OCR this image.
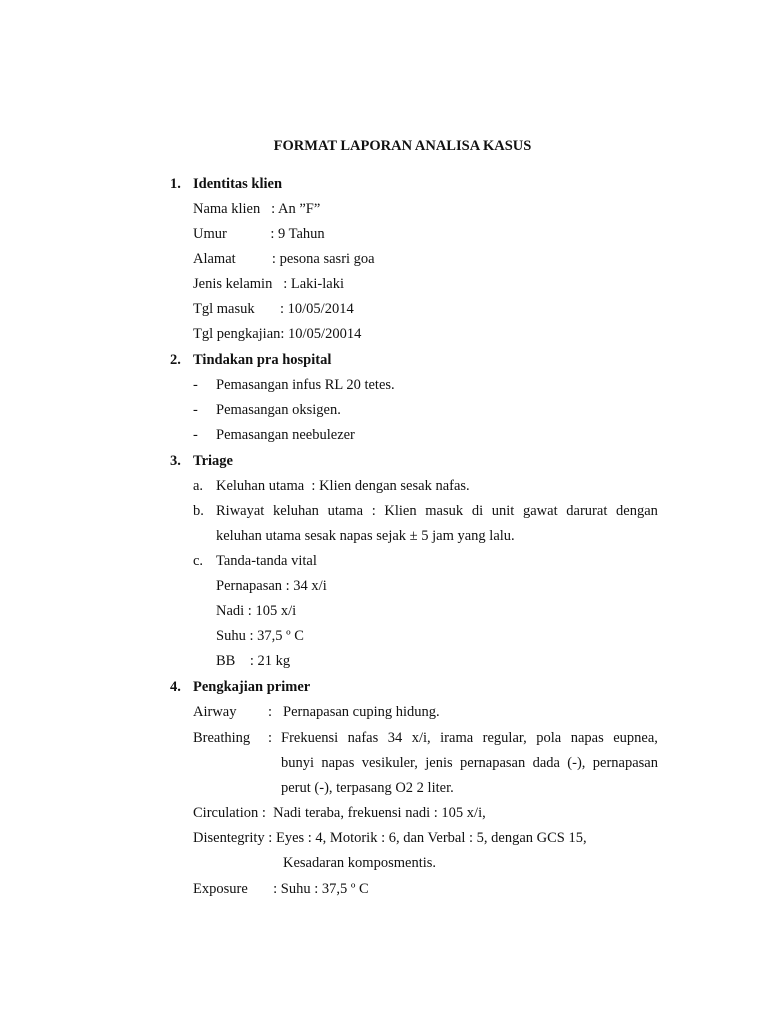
FORMAT LAPORAN ANALISA KASUS
1. Identitas klien
Nama klien   : An ”F”
Umur            : 9 Tahun
Alamat          : pesona sasri goa
Jenis kelamin   : Laki-laki
Tgl masuk       : 10/05/2014
Tgl pengkajian: 10/05/20014
2. Tindakan pra hospital
- Pemasangan infus RL 20 tetes.
- Pemasangan oksigen.
- Pemasangan neebulezer
3. Triage
a. Keluhan utama  : Klien dengan sesak nafas.
b. Riwayat keluhan utama : Klien masuk di unit gawat darurat dengan
keluhan utama sesak napas sejak ± 5 jam yang lalu.
c. Tanda-tanda vital
Pernapasan : 34 x/i
Nadi : 105 x/i
Suhu : 37,5 º C
BB    : 21 kg
4. Pengkajian primer
Airway : Pernapasan cuping hidung.
Breathing : Frekuensi nafas 34 x/i, irama regular, pola napas eupnea,
bunyi napas vesikuler, jenis pernapasan dada (-), pernapasan
perut (-), terpasang O2 2 liter.
Circulation :  Nadi teraba, frekuensi nadi : 105 x/i,
Disentegrity : Eyes : 4, Motorik : 6, dan Verbal : 5, dengan GCS 15,
Kesadaran komposmentis.
Exposure       : Suhu : 37,5 º C
